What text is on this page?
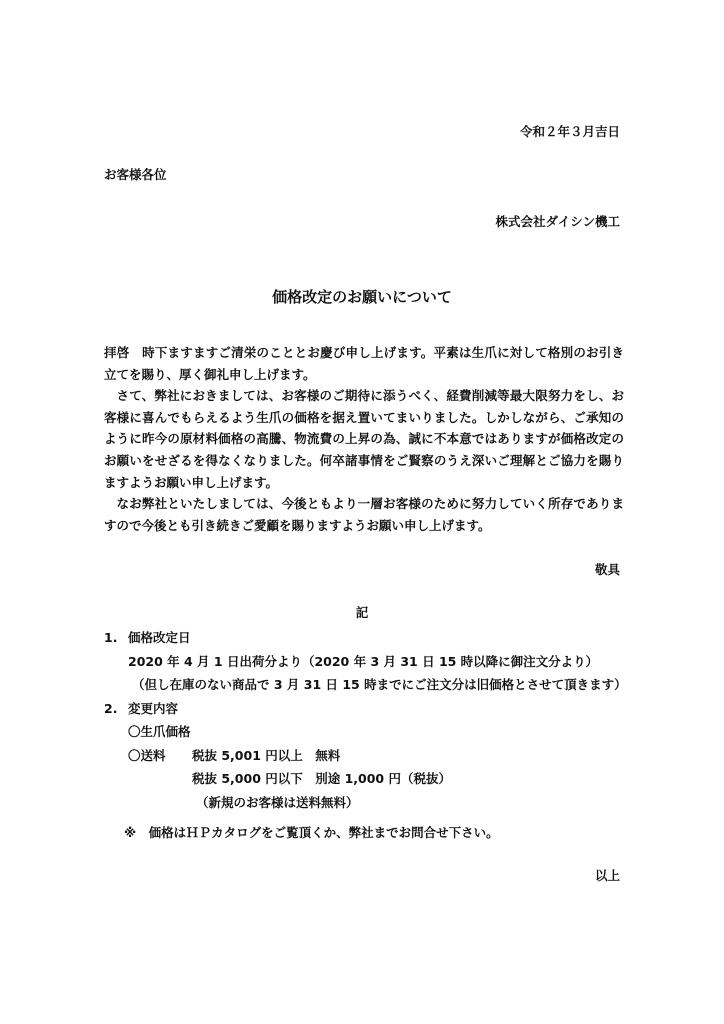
令和２年３月吉日
お客様各位
株式会社ダイシン機工
価格改定のお願いについて

拝啓　時下ますますご清栄のこととお慶び申し上げます。平素は生爪に対して格別のお引き立てを賜り、厚く御礼申し上げます。

さて、弊社におきましては、お客様のご期待に添うべく、経費削減等最大限努力をし、お客様に喜んでもらえるよう生爪の価格を据え置いてまいりました。しかしながら、ご承知のように昨今の原材料価格の高騰、物流費の上昇の為、誠に不本意ではありますが価格改定のお願いをせざるを得なくなりました。何卒諸事情をご賢察のうえ深いご理解とご協力を賜りますようお願い申し上げます。

なお弊社といたしましては、今後ともより一層お客様のために努力していく所存でありますので今後とも引き続きご愛顧を賜りますようお願い申し上げます。

敬具
記
1. 価格改定日
2020 年 4 月 1 日出荷分より（2020 年 3 月 31 日 15 時以降に御注文分より）
（但し在庫のない商品で 3 月 31 日 15 時までにご注文分は旧価格とさせて頂きます）
2. 変更内容
〇生爪価格
〇送料 税抜 5,001 円以上　無料
税抜 5,000 円以下　別途 1,000 円（税抜）
（新規のお客様は送料無料）
※　価格はＨＰカタログをご覧頂くか、弊社までお問合せ下さい。
以上
